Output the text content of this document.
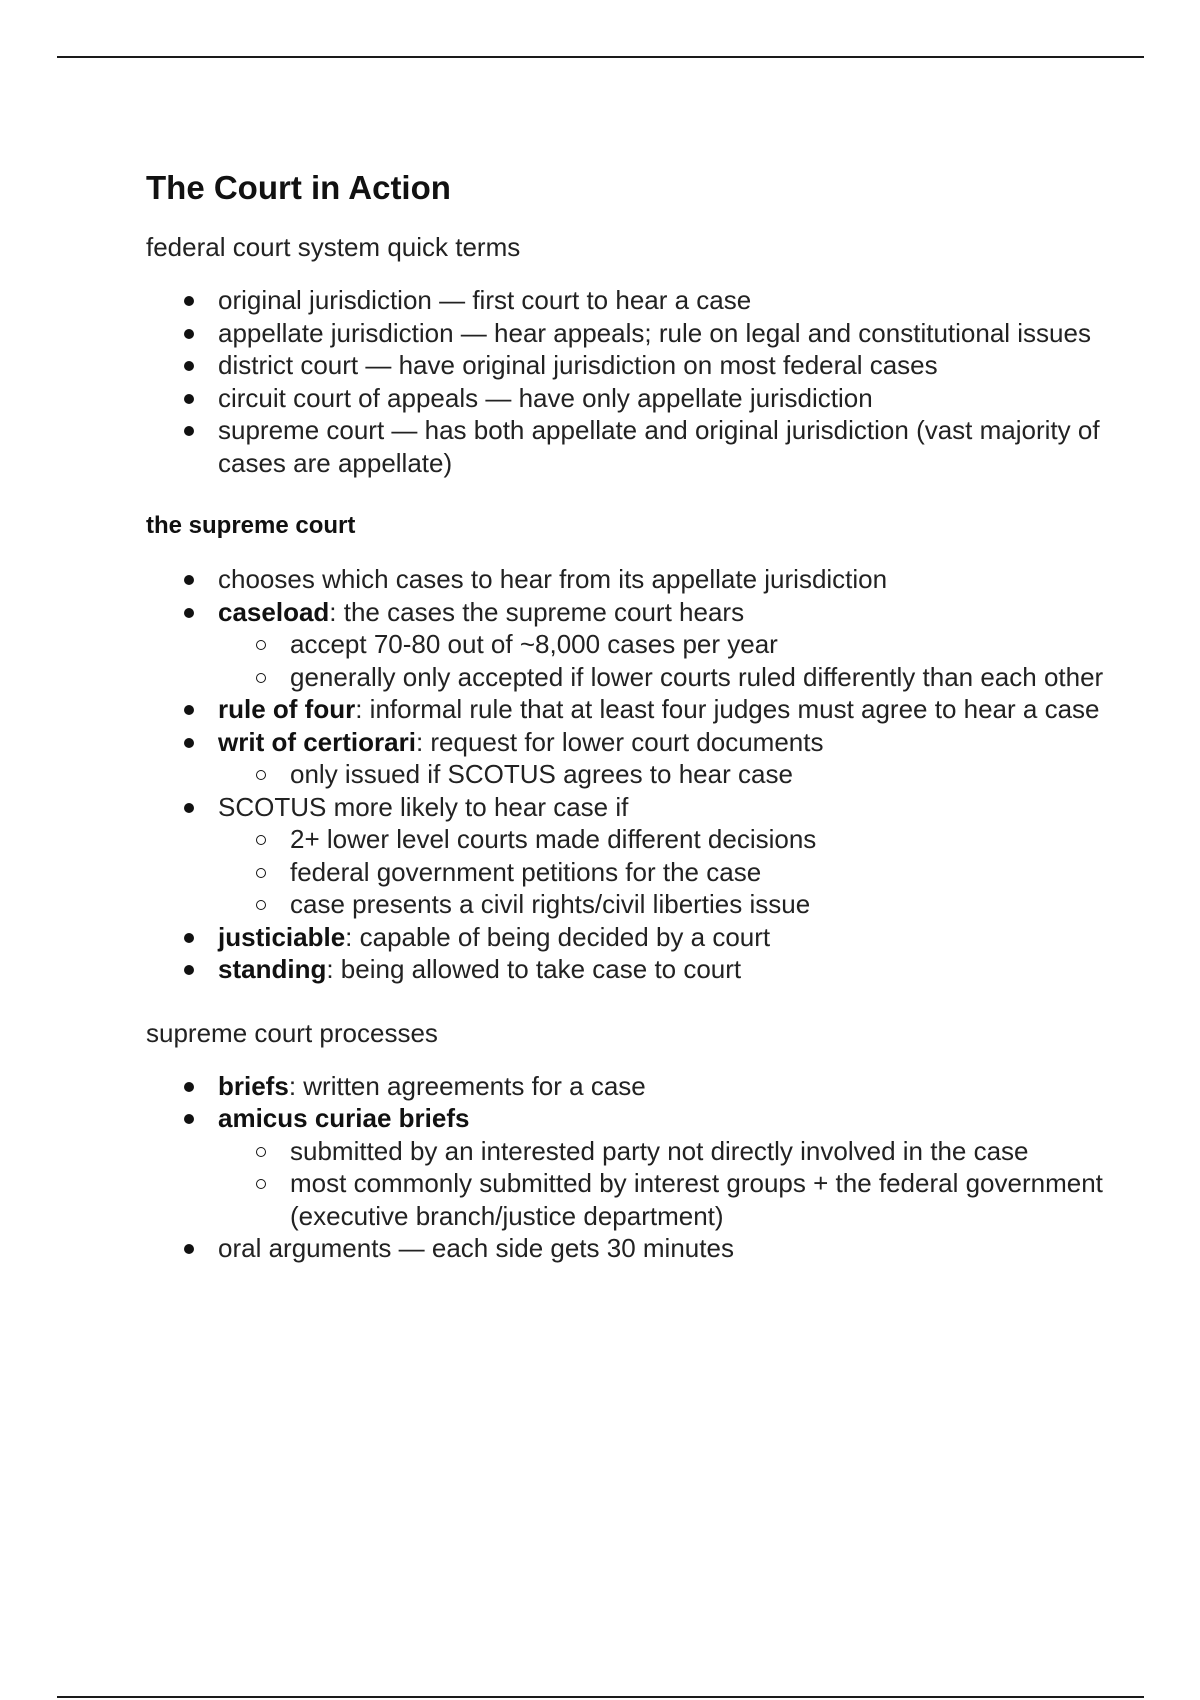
The Court in Action

federal court system quick terms

original jurisdiction — first court to hear a case
appellate jurisdiction — hear appeals; rule on legal and constitutional issues
district court — have original jurisdiction on most federal cases
circuit court of appeals — have only appellate jurisdiction
supreme court — has both appellate and original jurisdiction (vast majority of cases are appellate)

the supreme court

chooses which cases to hear from its appellate jurisdiction
caseload: the cases the supreme court hears
accept 70-80 out of ~8,000 cases per year
generally only accepted if lower courts ruled differently than each other
rule of four: informal rule that at least four judges must agree to hear a case
writ of certiorari: request for lower court documents
only issued if SCOTUS agrees to hear case
SCOTUS more likely to hear case if
2+ lower level courts made different decisions
federal government petitions for the case
case presents a civil rights/civil liberties issue
justiciable: capable of being decided by a court
standing: being allowed to take case to court

supreme court processes

briefs: written agreements for a case
amicus curiae briefs
submitted by an interested party not directly involved in the case
most commonly submitted by interest groups + the federal government (executive branch/justice department)
oral arguments — each side gets 30 minutes
